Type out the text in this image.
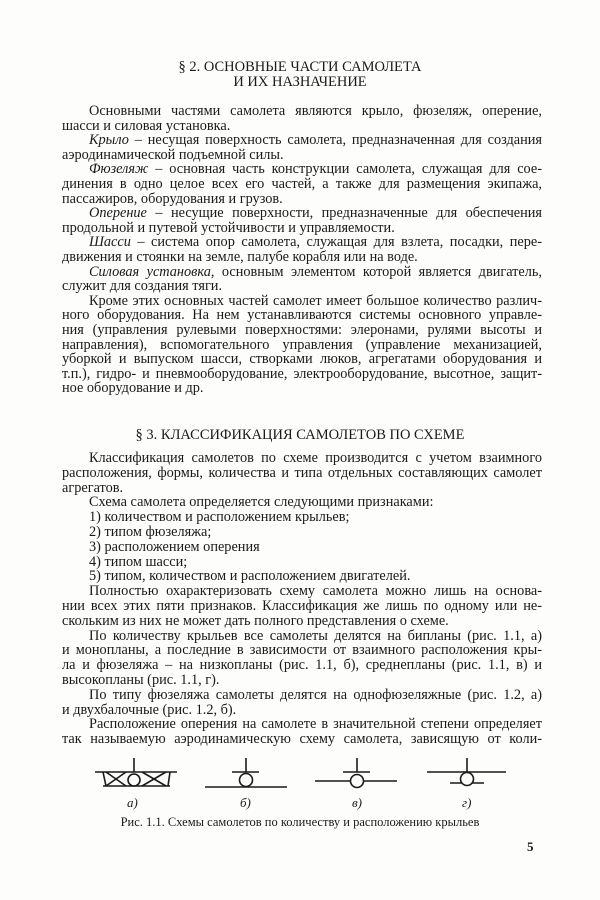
§ 2. ОСНОВНЫЕ ЧАСТИ САМОЛЕТА
И ИХ НАЗНАЧЕНИЕ
Основными частями самолета являются крыло, фюзеляж, оперение,
шасси и силовая установка.
Крыло – несущая поверхность самолета, предназначенная для создания
аэродинамической подъемной силы.
Фюзеляж – основная часть конструкции самолета, служащая для сое-
динения в одно целое всех его частей, а также для размещения экипажа,
пассажиров, оборудования и грузов.
Оперение – несущие поверхности, предназначенные для обеспечения
продольной и путевой устойчивости и управляемости.
Шасси – система опор самолета, служащая для взлета, посадки, пере-
движения и стоянки на земле, палубе корабля или на воде.
Силовая установка, основным элементом которой является двигатель,
служит для создания тяги.
Кроме этих основных частей самолет имеет большое количество различ-
ного оборудования. На нем устанавливаются системы основного управле-
ния (управления рулевыми поверхностями: элеронами, рулями высоты и
направления), вспомогательного управления (управление механизацией,
уборкой и выпуском шасси, створками люков, агрегатами оборудования и
т.п.), гидро- и пневмооборудование, электрооборудование, высотное, защит-
ное оборудование и др.
§ 3. КЛАССИФИКАЦИЯ САМОЛЕТОВ ПО СХЕМЕ
Классификация самолетов по схеме производится с учетом взаимного
расположения, формы, количества и типа отдельных составляющих самолет
агрегатов.
Схема самолета определяется следующими признаками:
1) количеством и расположением крыльев;
2) типом фюзеляжа;
3) расположением оперения
4) типом шасси;
5) типом, количеством и расположением двигателей.
Полностью охарактеризовать схему самолета можно лишь на основа-
нии всех этих пяти признаков. Классификация же лишь по одному или не-
скольким из них не может дать полного представления о схеме.
По количеству крыльев все самолеты делятся на бипланы (рис. 1.1, а)
и монопланы, а последние в зависимости от взаимного расположения кры-
ла и фюзеляжа – на низкопланы (рис. 1.1, б), среднепланы (рис. 1.1, в) и
высокопланы (рис. 1.1, г).
По типу фюзеляжа самолеты делятся на однофюзеляжные (рис. 1.2, а)
и двухбалочные (рис. 1.2, б).
Расположение оперения на самолете в значительной степени определяет
так называемую аэродинамическую схему самолета, зависящую от коли-
а)	б)	в)	г)
Рис. 1.1. Схемы самолетов по количеству и расположению крыльев
5
